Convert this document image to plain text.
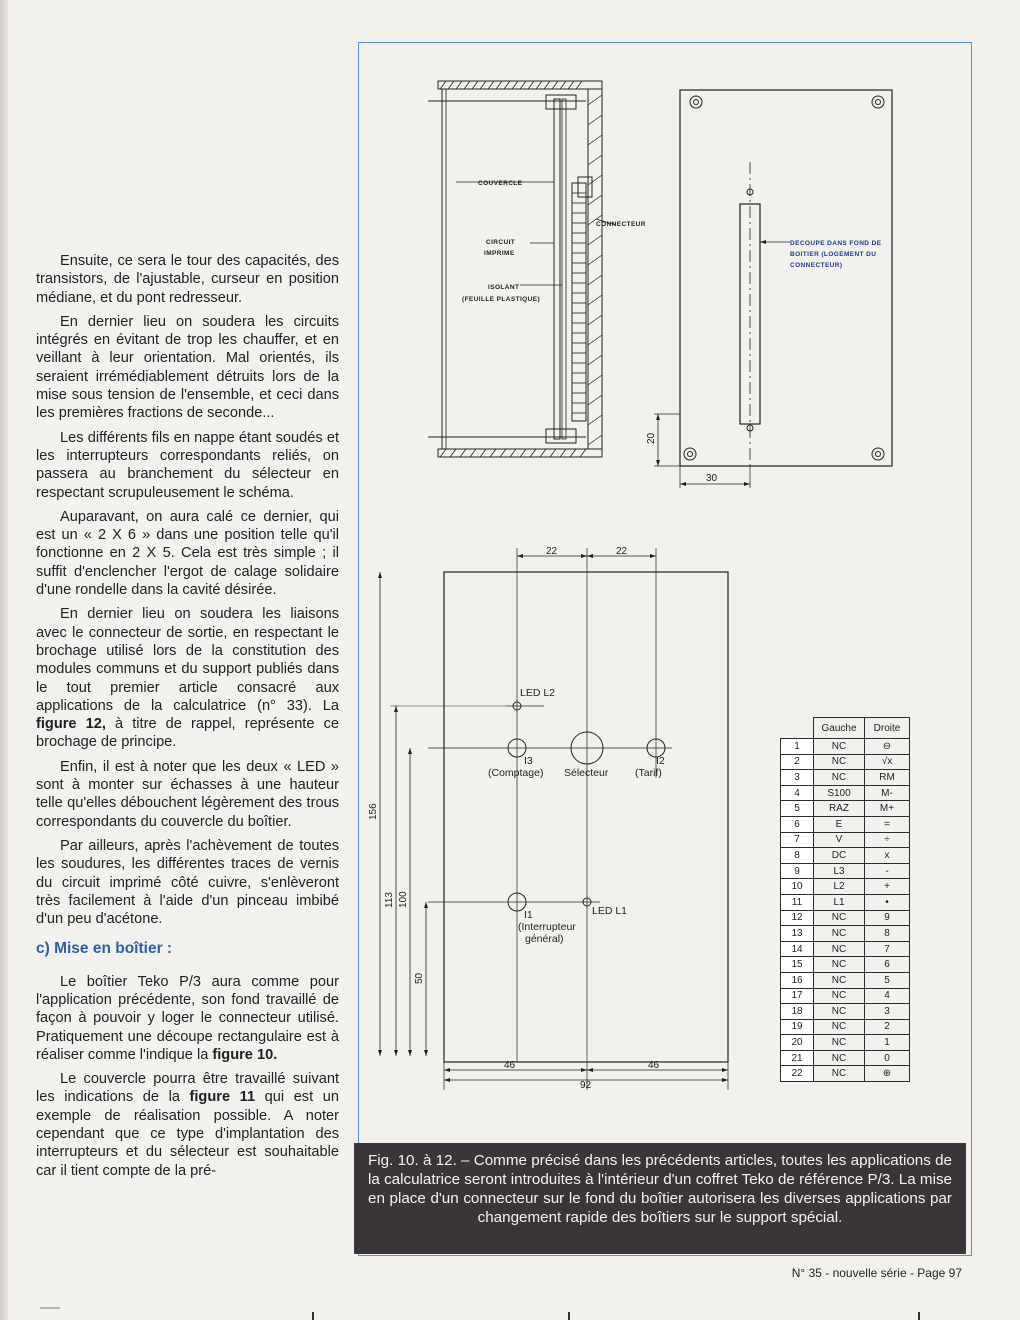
Ensuite, ce sera le tour des capacités, des transistors, de l'ajustable, curseur en position médiane, et du pont redresseur.

En dernier lieu on soudera les circuits intégrés en évitant de trop les chauffer, et en veillant à leur orientation. Mal orientés, ils seraient irrémédiablement détruits lors de la mise sous tension de l'ensemble, et ceci dans les premières fractions de seconde...

Les différents fils en nappe étant soudés et les interrupteurs correspondants reliés, on passera au branchement du sélecteur en respectant scrupuleusement le schéma.

Auparavant, on aura calé ce dernier, qui est un « 2 X 6 » dans une position telle qu'il fonctionne en 2 X 5. Cela est très simple ; il suffit d'enclencher l'ergot de calage solidaire d'une rondelle dans la cavité désirée.

En dernier lieu on soudera les liaisons avec le connecteur de sortie, en respectant le brochage utilisé lors de la constitution des modules communs et du support publiés dans le tout premier article consacré aux applications de la calculatrice (n° 33). La figure 12, à titre de rappel, représente ce brochage de principe.

Enfin, il est à noter que les deux « LED » sont à monter sur échasses à une hauteur telle qu'elles débouchent légèrement des trous correspondants du couvercle du boîtier.

Par ailleurs, après l'achèvement de toutes les soudures, les différentes traces de vernis du circuit imprimé côté cuivre, s'enlèveront très facilement à l'aide d'un pinceau imbibé d'un peu d'acétone.

c) Mise en boîtier :

Le boîtier Teko P/3 aura comme pour l'application précédente, son fond travaillé de façon à pouvoir y loger le connecteur utilisé. Pratiquement une découpe rectangulaire est à réaliser comme l'indique la figure 10.

Le couvercle pourra être travaillé suivant les indications de la figure 11 qui est un exemple de réalisation possible. A noter cependant que ce type d'implantation des interrupteurs et du sélecteur est souhaitable car il tient compte de la pré-

COUVERCLE
CIRCUIT
IMPRIME
ISOLANT
(FEUILLE PLASTIQUE)
CONNECTEUR
DECOUPE DANS FOND DE
BOITIER (LOGEMENT DU
CONNECTEUR)
20
30
22	22
LED L2
I3
(Comptage) Sélecteur
I2
(Tarif)
I1
(Interrupteur
général)
LED L1
156
113 100
50
46	46
92
	Gauche	Droite
1	NC	⊖
2	NC	√x
3	NC	RM
4	S100	M-
5	RAZ	M+
6	E	=
7	V	÷
8	DC	x
9	L3	-
10	L2	+
11	L1	•
12	NC	9
13	NC	8
14	NC	7
15	NC	6
16	NC	5
17	NC	4
18	NC	3
19	NC	2
20	NC	1
21	NC	0
22	NC	⊕
Fig. 10. à 12. – Comme précisé dans les précédents articles, toutes les applications de la calculatrice seront introduites à l'intérieur d'un coffret Teko de référence P/3. La mise en place d'un connecteur sur le fond du boîtier autorisera les diverses applications par changement rapide des boîtiers sur le support spécial.
N° 35 - nouvelle série - Page 97
